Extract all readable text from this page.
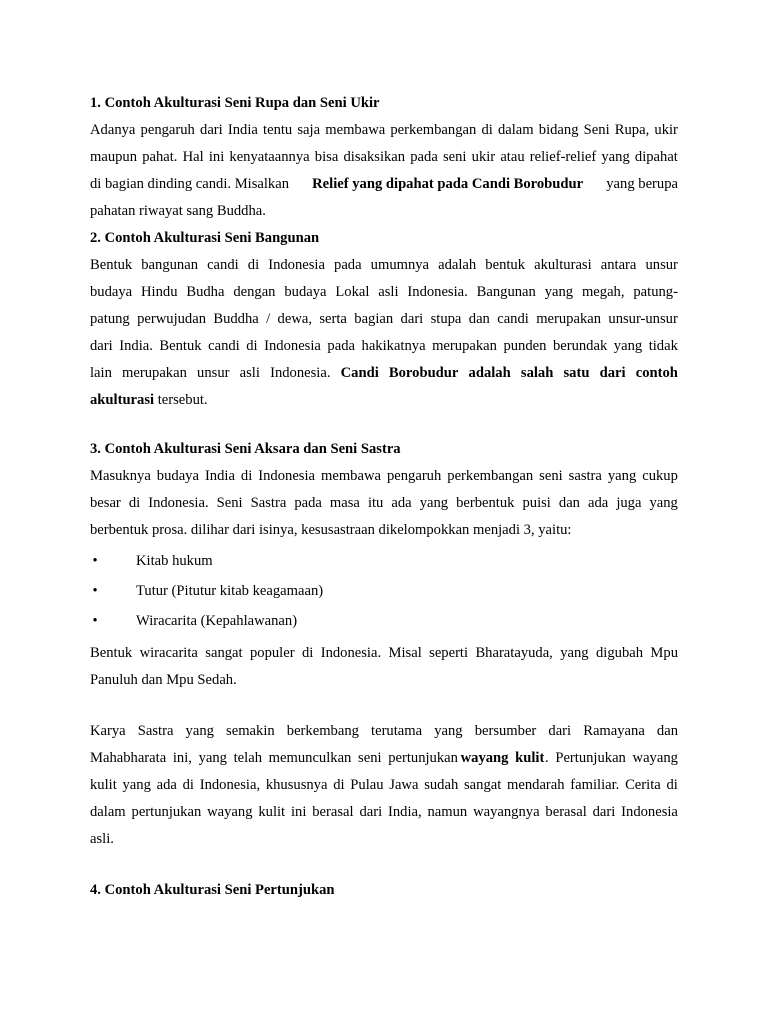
1. Contoh Akulturasi Seni Rupa dan Seni Ukir
Adanya pengaruh dari India tentu saja membawa perkembangan di dalam bidang Seni Rupa, ukir
maupun pahat. Hal ini kenyataannya bisa disaksikan pada seni ukir atau relief-relief yang dipahat
di bagian dinding candi. Misalkan Relief yang dipahat pada Candi Borobudur yang berupa
pahatan riwayat sang Buddha.
2. Contoh Akulturasi Seni Bangunan
Bentuk bangunan candi di Indonesia pada umumnya adalah bentuk akulturasi antara unsur
budaya Hindu Budha dengan budaya Lokal asli Indonesia. Bangunan yang megah, patung-
patung perwujudan Buddha / dewa, serta bagian dari stupa dan candi merupakan unsur-unsur
dari India. Bentuk candi di Indonesia pada hakikatnya merupakan punden berundak yang tidak
lain merupakan unsur asli Indonesia. Candi Borobudur adalah salah satu dari contoh
akulturasi tersebut.
3. Contoh Akulturasi Seni Aksara dan Seni Sastra
Masuknya budaya India di Indonesia membawa pengaruh perkembangan seni sastra yang cukup
besar di Indonesia. Seni Sastra pada masa itu ada yang berbentuk puisi dan ada juga yang
berbentuk prosa. dilihar dari isinya, kesusastraan dikelompokkan menjadi 3, yaitu:
•	Kitab hukum
•	Tutur (Pitutur kitab keagamaan)
•	Wiracarita (Kepahlawanan)
Bentuk wiracarita sangat populer di Indonesia. Misal seperti Bharatayuda, yang digubah Mpu
Panuluh dan Mpu Sedah.
Karya Sastra yang semakin berkembang terutama yang bersumber dari Ramayana dan
Mahabharata ini, yang telah memunculkan seni pertunjukan wayang kulit . Pertunjukan wayang
kulit yang ada di Indonesia, khususnya di Pulau Jawa sudah sangat mendarah familiar. Cerita di
dalam pertunjukan wayang kulit ini berasal dari India, namun wayangnya berasal dari Indonesia
asli.
4. Contoh Akulturasi Seni Pertunjukan
